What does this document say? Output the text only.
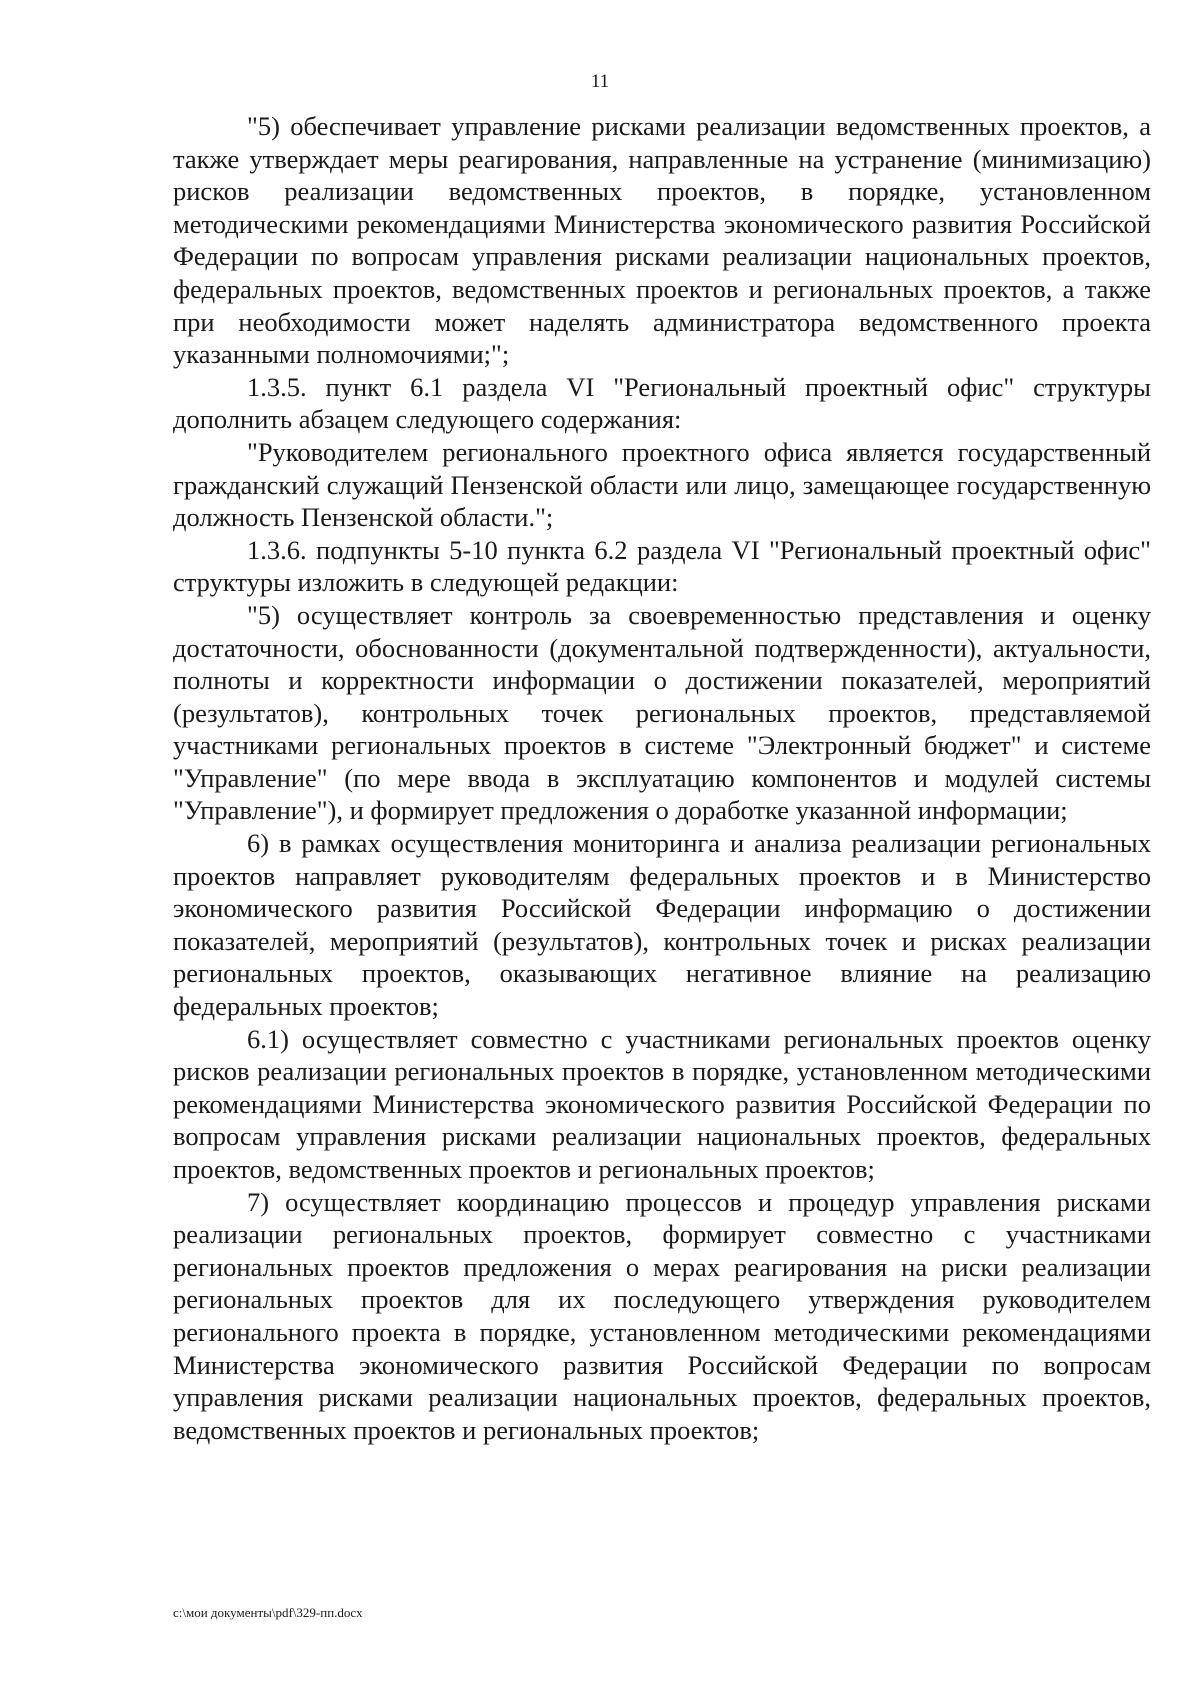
11

"5) обеспечивает управление рисками реализации ведомственных проектов, а также утверждает меры реагирования, направленные на устранение (минимизацию) рисков реализации ведомственных проектов, в порядке, установленном методическими рекомендациями Министерства экономического развития Российской Федерации по вопросам управления рисками реализации национальных проектов, федеральных проектов, ведомственных проектов и региональных проектов, а также при необходимости может наделять администратора ведомственного проекта указанными полномочиями;";

1.3.5. пункт 6.1 раздела VI "Региональный проектный офис" структуры дополнить абзацем следующего содержания:

"Руководителем регионального проектного офиса является государственный гражданский служащий Пензенской области или лицо, замещающее государственную должность Пензенской области.";

1.3.6. подпункты 5-10 пункта 6.2 раздела VI "Региональный проектный офис" структуры изложить в следующей редакции:

"5) осуществляет контроль за своевременностью представления и оценку достаточности, обоснованности (документальной подтвержденности), актуальности, полноты и корректности информации о достижении показателей, мероприятий (результатов), контрольных точек региональных проектов, представляемой участниками региональных проектов в системе "Электронный бюджет" и системе "Управление" (по мере ввода в эксплуатацию компонентов и модулей системы "Управление"), и формирует предложения о доработке указанной информации;

6) в рамках осуществления мониторинга и анализа реализации региональных проектов направляет руководителям федеральных проектов и в Министерство экономического развития Российской Федерации информацию о достижении показателей, мероприятий (результатов), контрольных точек и рисках реализации региональных проектов, оказывающих негативное влияние на реализацию федеральных проектов;

6.1) осуществляет совместно с участниками региональных проектов оценку рисков реализации региональных проектов в порядке, установленном методическими рекомендациями Министерства экономического развития Российской Федерации по вопросам управления рисками реализации национальных проектов, федеральных проектов, ведомственных проектов и региональных проектов;

7) осуществляет координацию процессов и процедур управления рисками реализации региональных проектов, формирует совместно с участниками региональных проектов предложения о мерах реагирования на риски реализации региональных проектов для их последующего утверждения руководителем регионального проекта в порядке, установленном методическими рекомендациями Министерства экономического развития Российской Федерации по вопросам управления рисками реализации национальных проектов, федеральных проектов, ведомственных проектов и региональных проектов;

c:\мои документы\pdf\329-пп.docx
